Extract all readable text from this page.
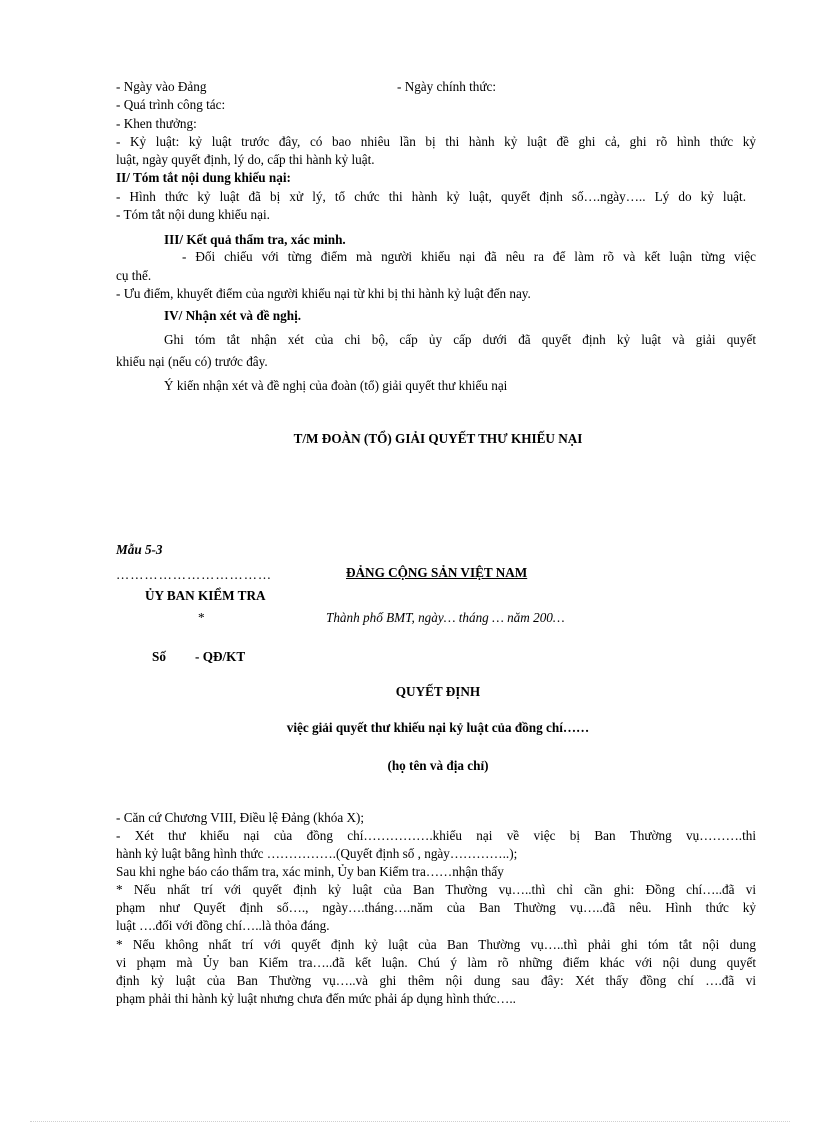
- Ngày vào Đảng	- Ngày chính thức:
- Quá trình công tác:
- Khen thưởng:
- Kỷ luật: kỷ luật trước đây, có bao nhiêu lần bị thi hành kỷ luật đề ghi cả, ghi rõ hình thức kỷ
luật, ngày quyết định, lý do, cấp thi hành kỷ luật.
II/ Tóm tắt nội dung khiếu nại:
- Hình thức kỷ luật đã bị xử lý, tổ chức thi hành kỷ luật, quyết định số….ngày….. Lý do kỷ luật.
- Tóm tắt nội dung khiếu nại.
III/ Kết quả thẩm tra, xác minh.
- Đối chiếu với từng điểm mà người khiếu nại đã nêu ra để làm rõ và kết luận từng việc
cụ thể.
- Ưu điểm, khuyết điểm của người khiếu nại từ khi bị thi hành kỷ luật đến nay.
IV/ Nhận xét và đề nghị.
Ghi tóm tắt nhận xét của chi bộ, cấp ủy cấp dưới đã quyết định kỷ luật và giải quyết
khiếu nại (nếu có) trước đây.
Ý kiến nhận xét và đề nghị của đoàn (tổ) giải quyết thư khiếu nại
T/M ĐOÀN (TỔ) GIẢI QUYẾT THƯ KHIẾU NẠI
Mẫu 5-3
……………………………	ĐẢNG CỘNG SẢN VIỆT NAM
ỦY BAN KIỂM TRA
*	Thành phố BMT, ngày… tháng … năm 200…
Số - QĐ/KT
QUYẾT ĐỊNH
việc giải quyết thư khiếu nại kỷ luật của đồng chí……
(họ tên và địa chỉ)
- Căn cứ Chương VIII, Điều lệ Đảng (khóa X);
- Xét thư khiếu nại của đồng chí…………….khiếu nại về việc bị Ban Thường vụ……….thi
hành kỷ luật bằng hình thức …………….(Quyết định số , ngày…………..);
Sau khi nghe báo cáo thẩm tra, xác minh, Ủy ban Kiểm tra……nhận thấy
* Nếu nhất trí với quyết định kỷ luật của Ban Thường vụ…..thì chỉ cần ghi: Đồng chí…..đã vi
phạm như Quyết định số…., ngày….tháng….năm của Ban Thường vụ…..đã nêu. Hình thức kỷ
luật ….đối với đồng chí…..là thỏa đáng.
* Nếu không nhất trí với quyết định kỷ luật của Ban Thường vụ…..thì phải ghi tóm tắt nội dung
vi phạm mà Ủy ban Kiểm tra…..đã kết luận. Chú ý làm rõ những điểm khác với nội dung quyết
định kỷ luật của Ban Thường vụ…..và ghi thêm nội dung sau đây: Xét thấy đồng chí ….đã vi
phạm phải thi hành kỷ luật nhưng chưa đến mức phải áp dụng hình thức…..
